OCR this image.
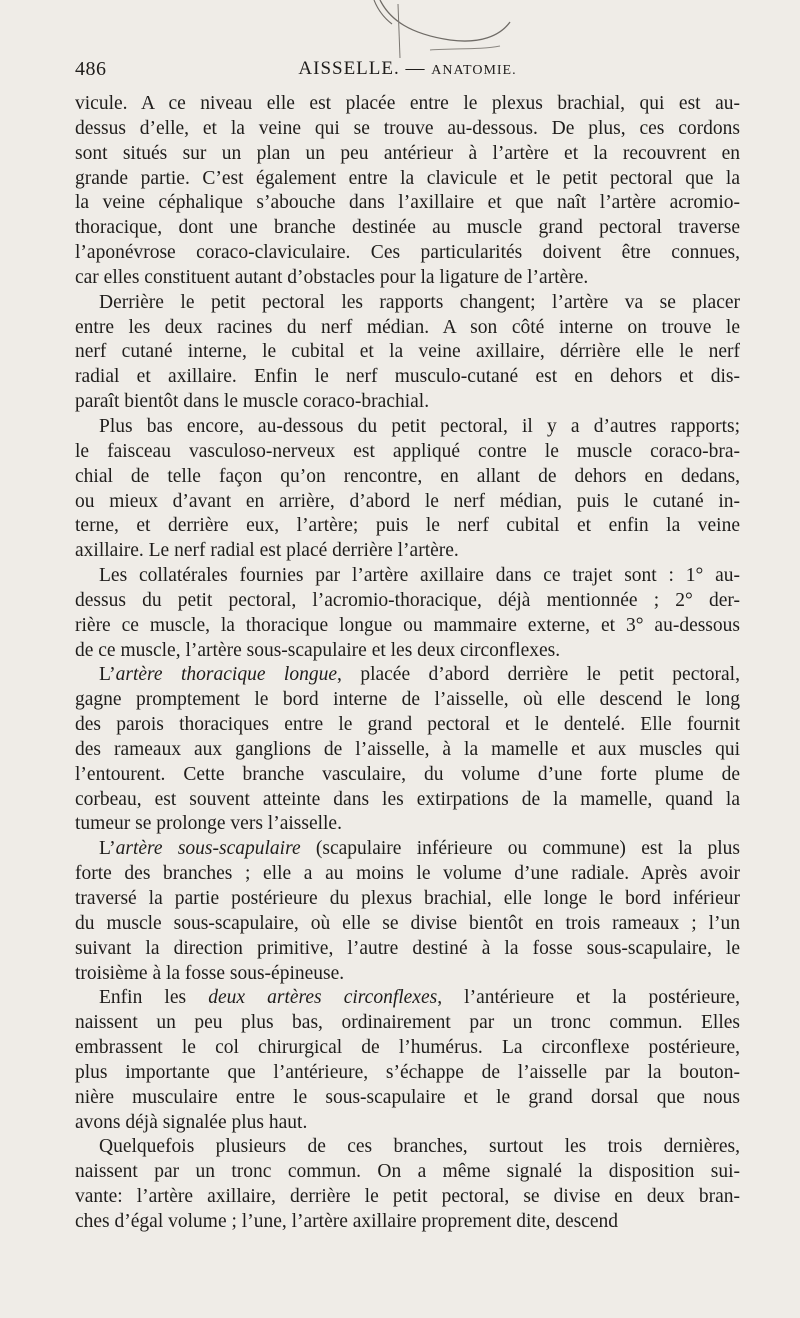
486	AISSELLE. — ANATOMIE.

vicule. A ce niveau elle est placée entre le plexus brachial, qui est au-

dessus d’elle, et la veine qui se trouve au-dessous. De plus, ces cordons

sont situés sur un plan un peu antérieur à l’artère et la recouvrent en

grande partie. C’est également entre la clavicule et le petit pectoral que la

la veine céphalique s’abouche dans l’axillaire et que naît l’artère acromio-

thoracique, dont une branche destinée au muscle grand pectoral traverse

l’aponévrose coraco-claviculaire. Ces particularités doivent être connues,

car elles constituent autant d’obstacles pour la ligature de l’artère.

Derrière le petit pectoral les rapports changent; l’artère va se placer

entre les deux racines du nerf médian. A son côté interne on trouve le

nerf cutané interne, le cubital et la veine axillaire, dérrière elle le nerf

radial et axillaire. Enfin le nerf musculo-cutané est en dehors et dis-

paraît bientôt dans le muscle coraco-brachial.

Plus bas encore, au-dessous du petit pectoral, il y a d’autres rapports;

le faisceau vasculoso-nerveux est appliqué contre le muscle coraco-bra-

chial de telle façon qu’on rencontre, en allant de dehors en dedans,

ou mieux d’avant en arrière, d’abord le nerf médian, puis le cutané in-

terne, et derrière eux, l’artère; puis le nerf cubital et enfin la veine

axillaire. Le nerf radial est placé derrière l’artère.

Les collatérales fournies par l’artère axillaire dans ce trajet sont : 1° au-

dessus du petit pectoral, l’acromio-thoracique, déjà mentionnée ; 2° der-

rière ce muscle, la thoracique longue ou mammaire externe, et 3° au-dessous

de ce muscle, l’artère sous-scapulaire et les deux circonflexes.

L’artère thoracique longue, placée d’abord derrière le petit pectoral,

gagne promptement le bord interne de l’aisselle, où elle descend le long

des parois thoraciques entre le grand pectoral et le dentelé. Elle fournit

des rameaux aux ganglions de l’aisselle, à la mamelle et aux muscles qui

l’entourent. Cette branche vasculaire, du volume d’une forte plume de

corbeau, est souvent atteinte dans les extirpations de la mamelle, quand la

tumeur se prolonge vers l’aisselle.

L’artère sous-scapulaire (scapulaire inférieure ou commune) est la plus

forte des branches ; elle a au moins le volume d’une radiale. Après avoir

traversé la partie postérieure du plexus brachial, elle longe le bord inférieur

du muscle sous-scapulaire, où elle se divise bientôt en trois rameaux ; l’un

suivant la direction primitive, l’autre destiné à la fosse sous-scapulaire, le

troisième à la fosse sous-épineuse.

Enfin les deux artères circonflexes, l’antérieure et la postérieure,

naissent un peu plus bas, ordinairement par un tronc commun. Elles

embrassent le col chirurgical de l’humérus. La circonflexe postérieure,

plus importante que l’antérieure, s’échappe de l’aisselle par la bouton-

nière musculaire entre le sous-scapulaire et le grand dorsal que nous

avons déjà signalée plus haut.

Quelquefois plusieurs de ces branches, surtout les trois dernières,

naissent par un tronc commun. On a même signalé la disposition sui-

vante: l’artère axillaire, derrière le petit pectoral, se divise en deux bran-

ches d’égal volume ; l’une, l’artère axillaire proprement dite, descend
